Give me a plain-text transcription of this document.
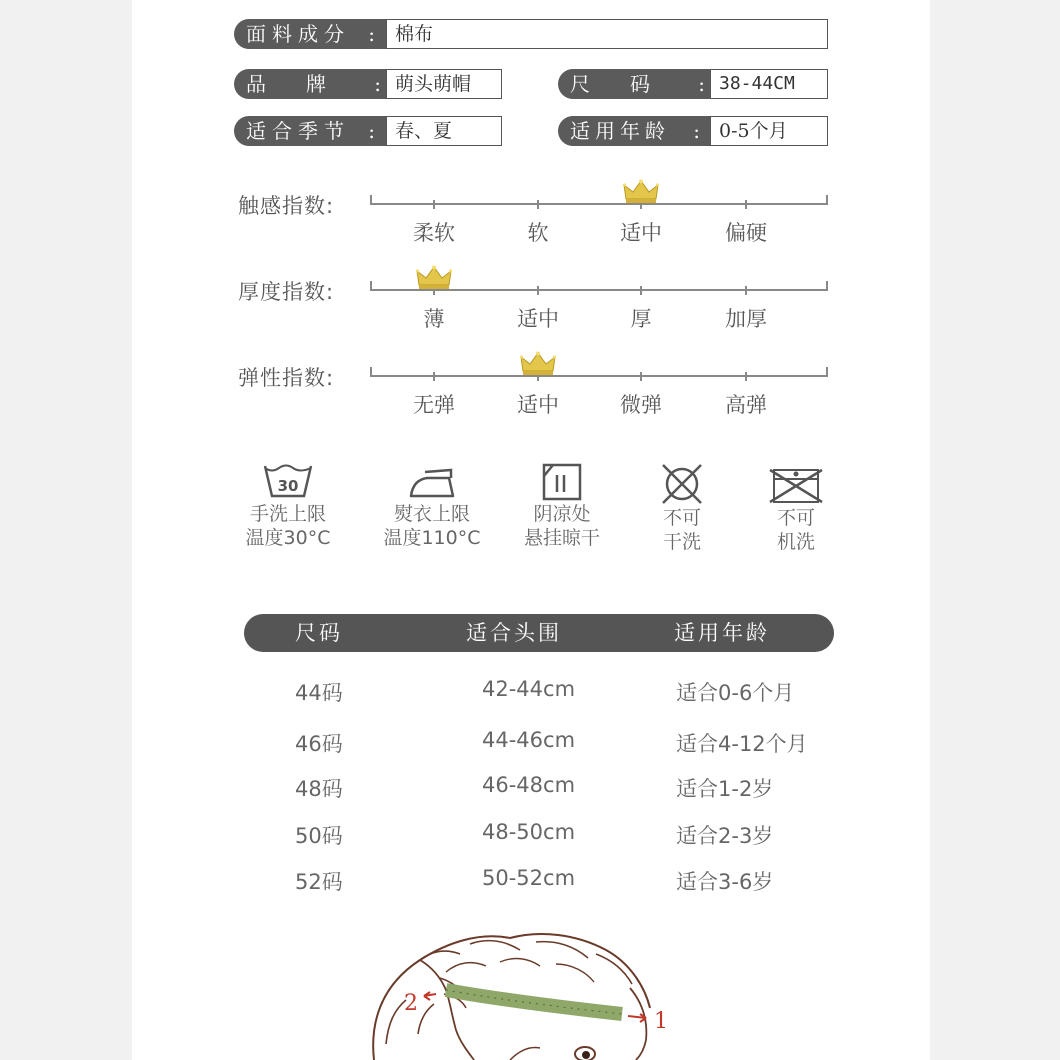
面料成分 : 棉布
品　　牌 : 萌头萌帽	尺　　码 : 38-44CM
适合季节 : 春、夏	适用年龄 : 0-5个月
触感指数:
柔软	软	适中	偏硬
厚度指数:
薄	适中	厚	加厚
弹性指数:
无弹	适中	微弹	高弹
30
手洗上限
温度30°C
熨衣上限
温度110°C
阴凉处
悬挂晾干
不可
干洗
不可
机洗
尺码	适合头围	适用年龄
44码	42-44cm	适合0-6个月
46码	44-46cm	适合4-12个月
48码	46-48cm	适合1-2岁
50码	48-50cm	适合2-3岁
52码	50-52cm	适合3-6岁
2
1
